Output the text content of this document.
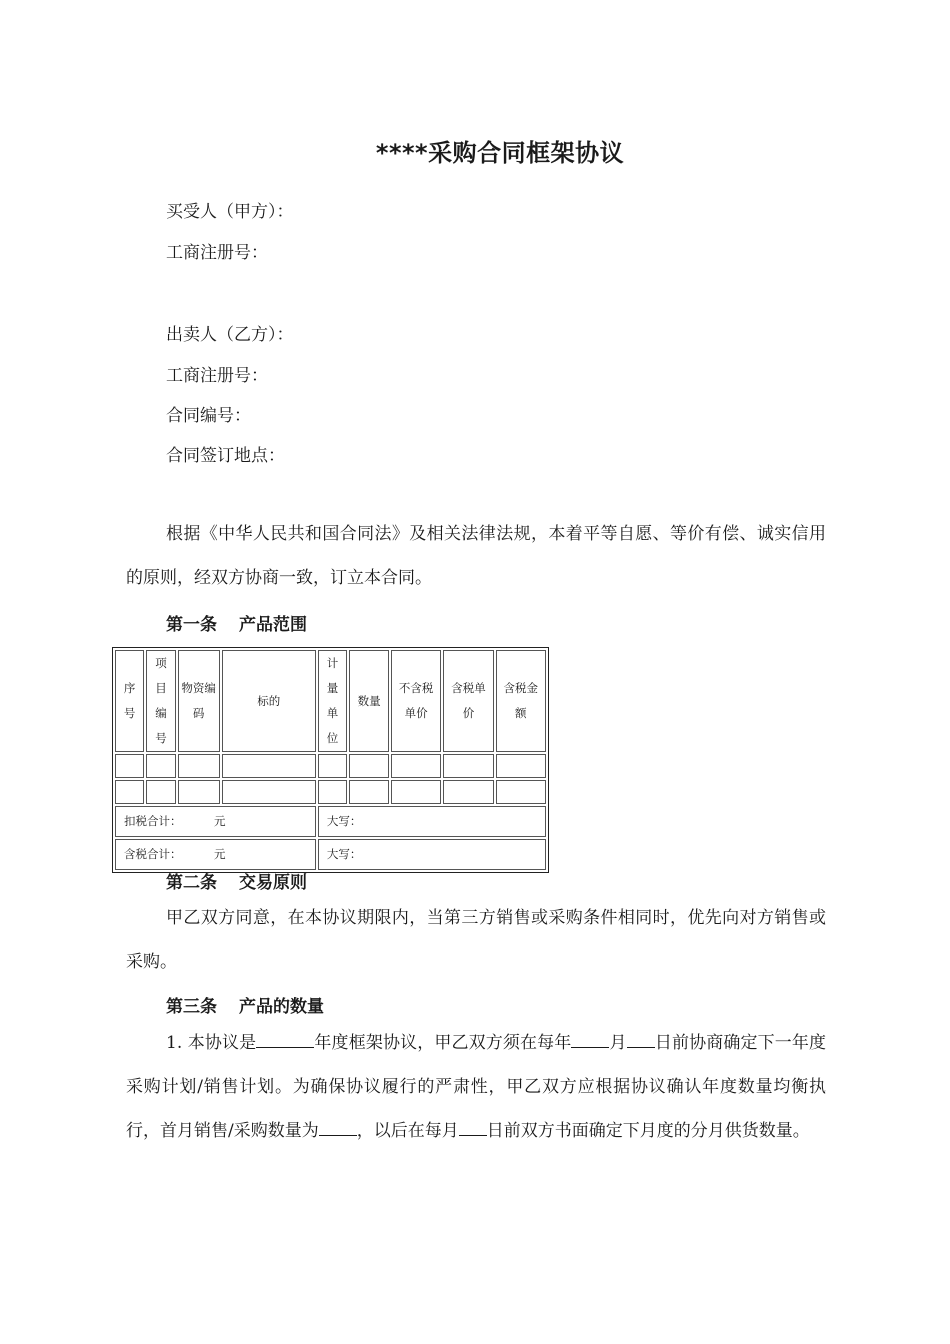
****采购合同框架协议
买受人（甲方）：
工商注册号：
出卖人（乙方）：
工商注册号：
合同编号：
合同签订地点：
根据《中华人民共和国合同法》及相关法律法规，本着平等自愿、等价有偿、诚实信用的原则，经双方协商一致，订立本合同。
第一条 产品范围
序号	项目编号	物资编码	标的	计量单位	数量	不含税单价	含税单价	含税金额

扣税合计： 元				大写：				
含税合计： 元				大写：				
第二条 交易原则
甲乙双方同意，在本协议期限内，当第三方销售或采购条件相同时，优先向对方销售或采购。
第三条 产品的数量
1. 本协议是	年度框架协议，甲乙双方须在每年 月 日前协商确定下一年度采购计划/销售计划。为确保协议履行的严肃性，甲乙双方应根据协议确认年度数量均衡执行，首月销售/采购数量为 ，以后在每月 日前双方书面确定下月度的分月供货数量。
